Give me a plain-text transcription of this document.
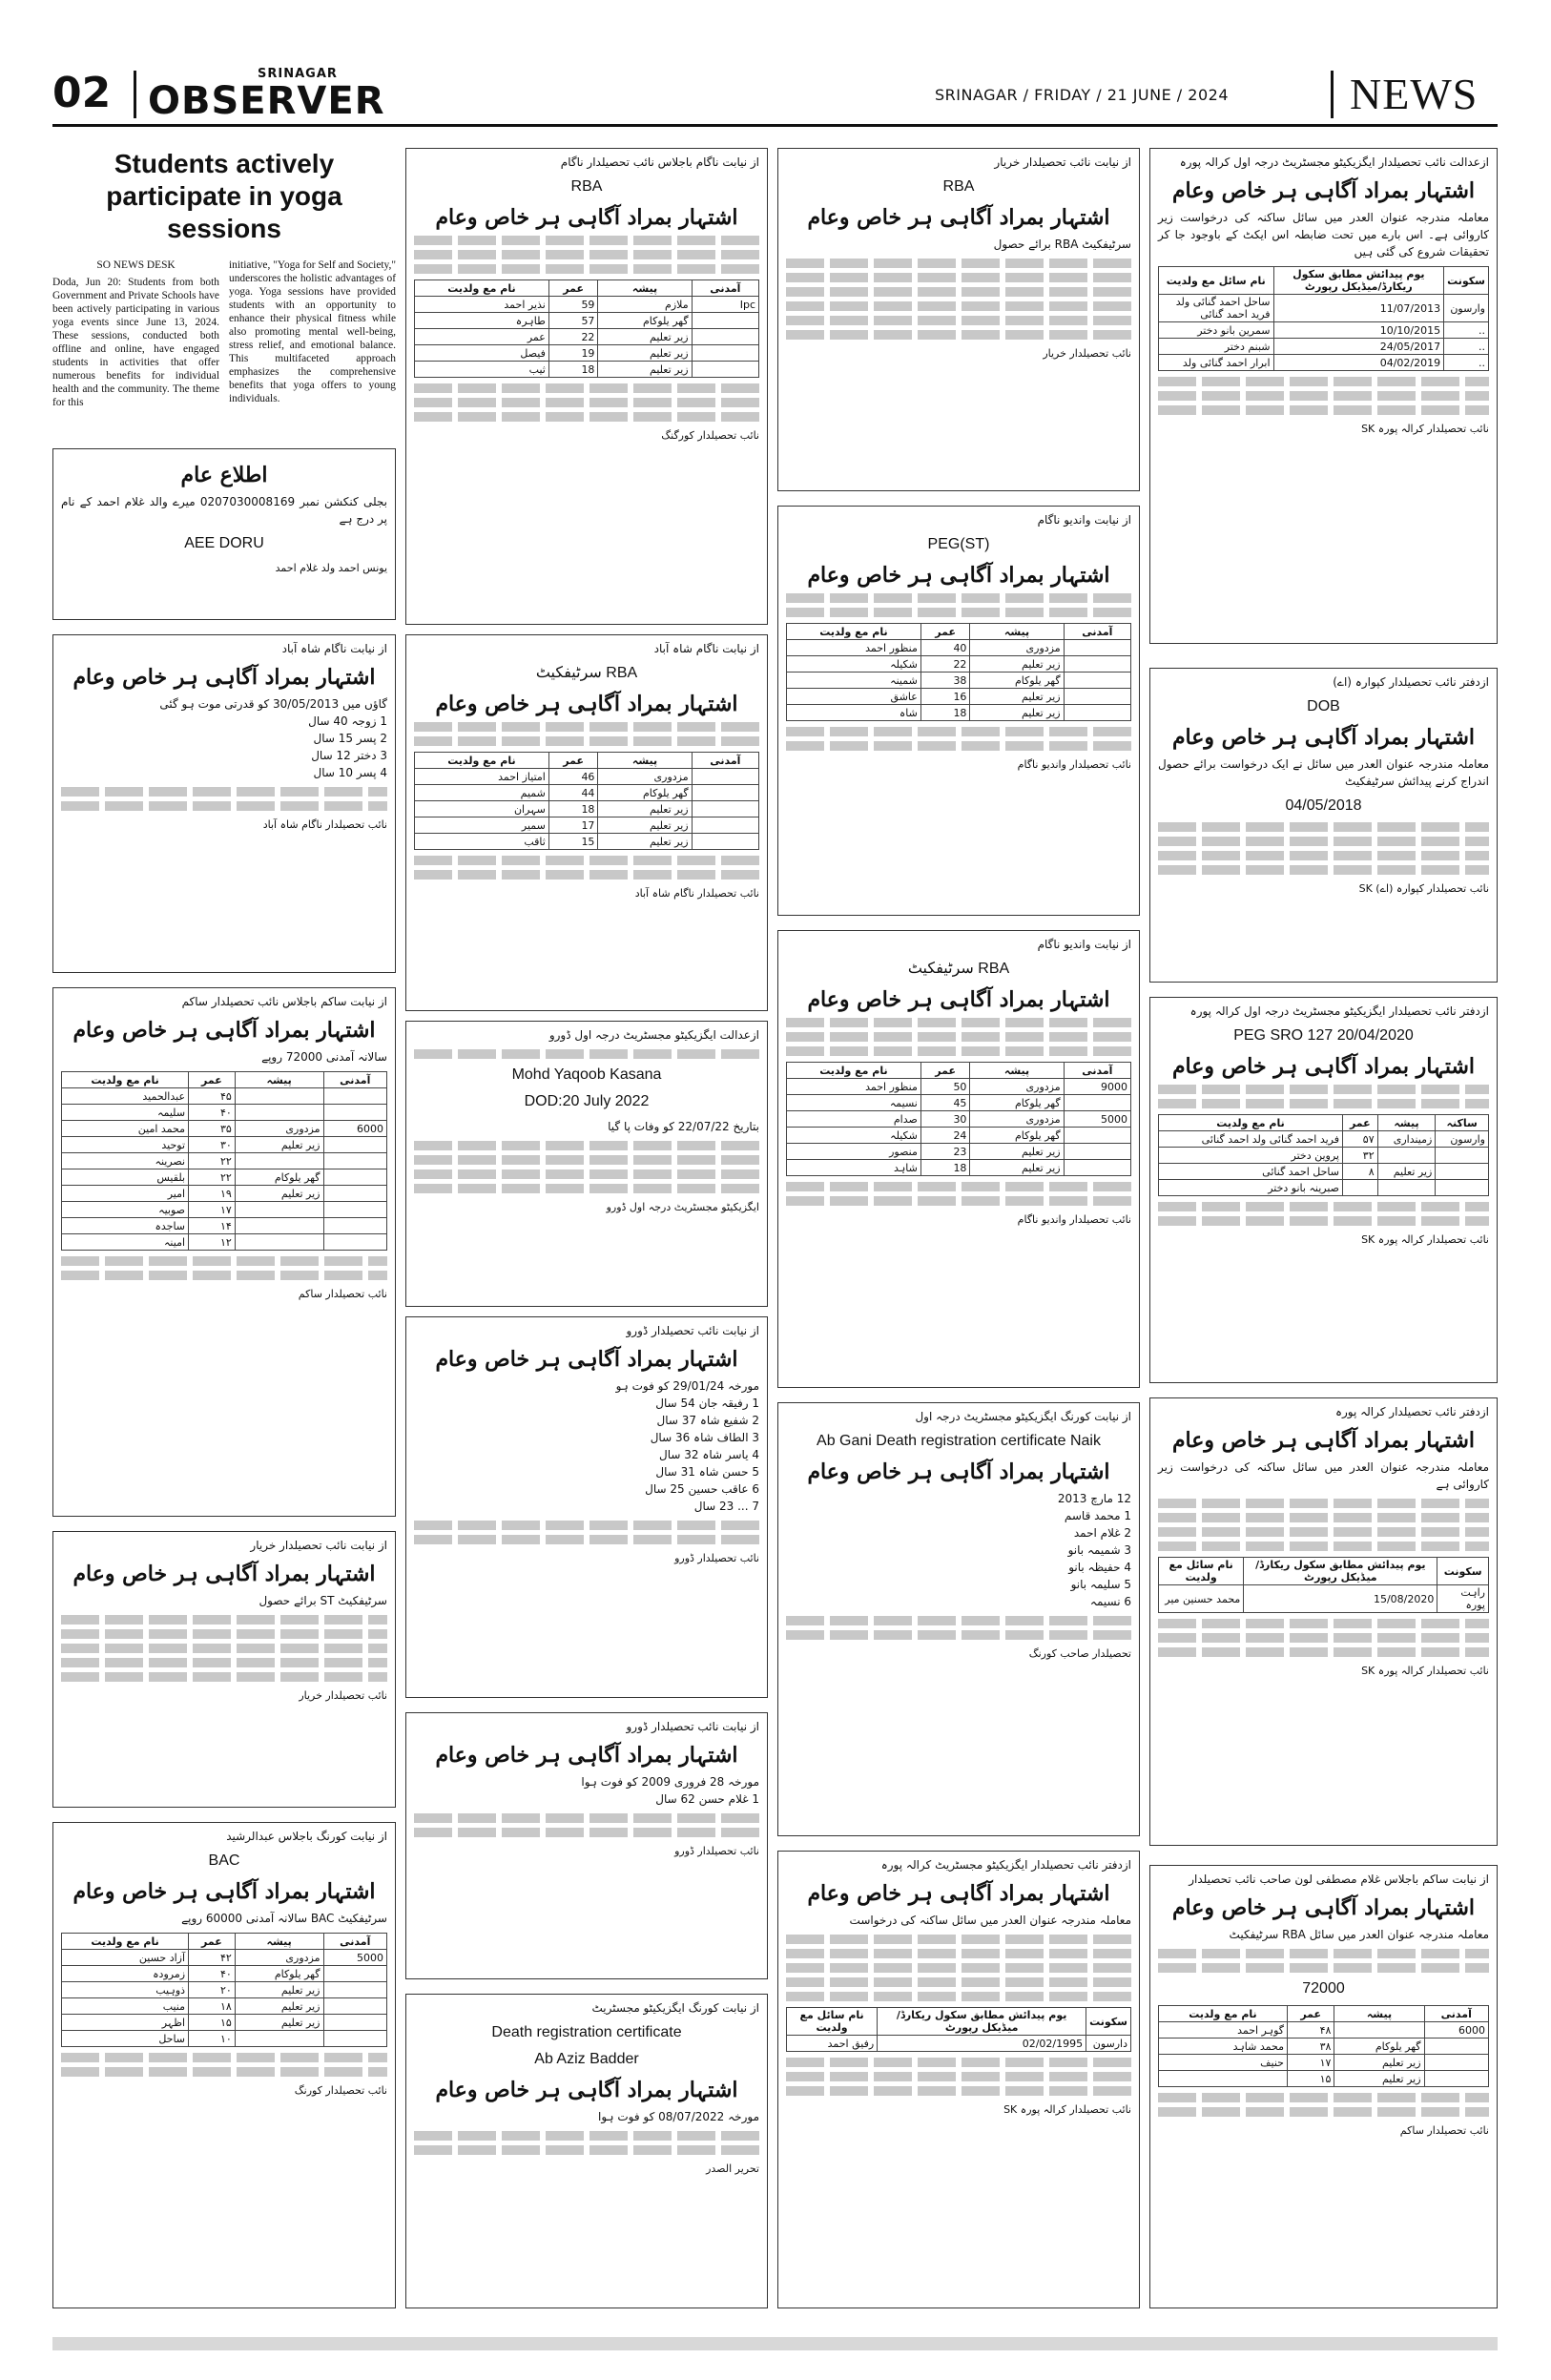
02	SRINAGAR
OBSERVER	SRINAGAR / FRIDAY / 21 JUNE / 2024	NEWS
Students actively participate in yoga sessions
SO NEWS DESK
Doda, Jun 20: Students from both Government and Private Schools have been actively participating in various yoga events since June 13, 2024. These sessions, conducted both offline and online, have engaged students in activities that offer numerous benefits for individual health and the community. The theme for this
initiative, "Yoga for Self and Society," underscores the holistic advantages of yoga. Yoga sessions have provided students with an opportunity to enhance their physical fitness while also promoting mental well-being, stress relief, and emotional balance. This multifaceted approach emphasizes the comprehensive benefits that yoga offers to young individuals.
ازعدالت نائب تحصیلدار ایگزیکیٹو مجسٹریٹ درجہ اول کرالہ پورہ
اشتہار بمراد آگاہی ہر خاص وعام
معاملہ مندرجہ عنوان العدر میں سائل ساکنہ کی درخواست زیر کاروائی ہے۔ اس بارے میں تحت ضابطہ اس ایکٹ کے باوجود جا کر تحقیقات شروع کی گئی ہیں
سکونت	یوم پیدائش مطابق سکول ریکارڈ/میڈیکل رپورٹ	نام سائل مع ولدیت
وارسون	11/07/2013	ساحل احمد گنائی ولد فرید احمد گنائی
..	10/10/2015	سمرین بانو دختر
..	24/05/2017	شبنم دختر
..	04/02/2019	ابرار احمد گنائی ولد
نائب تحصیلدار کرالہ پورہ SK
ازدفتر نائب تحصیلدار کپوارہ (اے)
DOB
اشتہار بمراد آگاہی ہر خاص وعام
معاملہ مندرجہ عنوان العدر میں سائل نے ایک درخواست برائے حصول اندراج کرنے پیدائش سرٹیفکیٹ
04/05/2018
نائب تحصیلدار کپوارہ (اے) SK
ازدفتر نائب تحصیلدار ایگزیکیٹو مجسٹریٹ درجہ اول کرالہ پورہ
PEG SRO 127 20/04/2020
اشتہار بمراد آگاہی ہر خاص وعام
ساکنہ	پیشہ	عمر	نام مع ولدیت
وارسون	زمینداری	۵۷	فرید احمد گنائی ولد احمد گنائی
		۳۲	پروین دختر
	زیر تعلیم	۸	ساحل احمد گنائی
			صبرینہ بانو دختر
نائب تحصیلدار کرالہ پورہ SK
ازدفتر نائب تحصیلدار کرالہ پورہ
اشتہار بمراد آگاہی ہر خاص وعام
معاملہ مندرجہ عنوان العدر میں سائل ساکنہ کی درخواست زیر کاروائی ہے
سکونت	یوم پیدائش مطابق سکول ریکارڈ/میڈیکل رپورٹ	نام سائل مع ولدیت
راہت پورہ	15/08/2020	محمد حسنین میر
نائب تحصیلدار کرالہ پورہ SK
از نیابت ساکم باجلاس غلام مصطفی لون صاحب نائب تحصیلدار
اشتہار بمراد آگاہی ہر خاص وعام
معاملہ مندرجہ عنوان العدر میں سائل RBA سرٹیفکیٹ
72000
آمدنی	پیشہ	عمر	نام مع ولدیت
6000		۴۸	گوہر احمد
	گھر یلوکام	۳۸	محمد شاہد
	زیر تعلیم	۱۷	حنیف
	زیر تعلیم	۱۵	
نائب تحصیلدار ساکم
از نیابت ناگام باجلاس نائب تحصیلدار ناگام
RBA
اشتہار بمراد آگاہی ہر خاص وعام
آمدنی	پیشہ	عمر	نام مع ولدیت
Ipc	ملازم	59	نذیر احمد
	گھر یلوکام	57	طاہرہ
	زیر تعلیم	22	عمر
	زیر تعلیم	19	فیصل
	زیر تعلیم	18	ثیب
نائب تحصیلدار کورگنگ
از نیابت ناگام شاہ آباد
سرٹیفکیٹ RBA
اشتہار بمراد آگاہی ہر خاص وعام
آمدنی	پیشہ	عمر	نام مع ولدیت
	مزدوری	46	امتیاز احمد
	گھر یلوکام	44	شمیم
	زیر تعلیم	18	سہران
	زیر تعلیم	17	سمیر
	زیر تعلیم	15	ثاقب
نائب تحصیلدار ناگام شاہ آباد
ازعدالت ایگزیکیٹو مجسٹریٹ درجہ اول ڈورو
Mohd Yaqoob Kasana
DOD:20 July 2022
بتاریخ 22/07/22 کو وفات پا گیا
ایگزیکیٹو مجسٹریٹ درجہ اول ڈورو
از نیابت نائب تحصیلدار ڈورو
اشتہار بمراد آگاہی ہر خاص وعام
مورخہ 29/01/24 کو فوت ہو
1 رفیقہ جان 54 سال
2 شفیع شاہ 37 سال
3 الطاف شاہ 36 سال
4 یاسر شاہ 32 سال
5 حسن شاہ 31 سال
6 عاقب حسین 25 سال
7 ... 23 سال
نائب تحصیلدار ڈورو
از نیابت نائب تحصیلدار ڈورو
اشتہار بمراد آگاہی ہر خاص وعام
مورخہ 28 فروری 2009 کو فوت ہوا
1 غلام حسن 62 سال
نائب تحصیلدار ڈورو
از نیابت کورنگ ایگزیکیٹو مجسٹریٹ
Death registration certificate
Ab Aziz Badder
اشتہار بمراد آگاہی ہر خاص وعام
مورخہ 08/07/2022 کو فوت ہوا
تحریر الصدر
از نیابت نائب تحصیلدار خریار
RBA
اشتہار بمراد آگاہی ہر خاص وعام
سرٹیفکیٹ RBA برائے حصول
نائب تحصیلدار خریار
از نیابت واندیو ناگام
PEG(ST)
اشتہار بمراد آگاہی ہر خاص وعام
آمدنی	پیشہ	عمر	نام مع ولدیت
	مزدوری	40	منظور احمد
	زیر تعلیم	22	شکیلہ
	گھر یلوکام	38	شمینہ
	زیر تعلیم	16	عاشق
	زیر تعلیم	18	شاہ
نائب تحصیلدار واندیو ناگام
از نیابت واندیو ناگام
سرٹیفکیٹ RBA
اشتہار بمراد آگاہی ہر خاص وعام
آمدنی	پیشہ	عمر	نام مع ولدیت
9000	مزدوری	50	منظور احمد
	گھر یلوکام	45	نسیمہ
5000	مزدوری	30	صدام
	گھر یلوکام	24	شکیلہ
	زیر تعلیم	23	منصور
	زیر تعلیم	18	شاہد
نائب تحصیلدار واندیو ناگام
از نیابت کورنگ ایگزیکیٹو مجسٹریٹ درجہ اول
Ab Gani Death registration certificate Naik
اشتہار بمراد آگاہی ہر خاص وعام
12 مارچ 2013
1 محمد قاسم
2 غلام احمد
3 شمیمہ بانو
4 حفیظہ بانو
5 سلیمہ بانو
6 نسیمہ
تحصیلدار صاحب کورنگ
ازدفتر نائب تحصیلدار ایگزیکیٹو مجسٹریٹ کرالہ پورہ
اشتہار بمراد آگاہی ہر خاص وعام
معاملہ مندرجہ عنوان العدر میں سائل ساکنہ کی درخواست
سکونت	یوم پیدائش مطابق سکول ریکارڈ/میڈیکل رپورٹ	نام سائل مع ولدیت
دارسون	02/02/1995	رفیق احمد
نائب تحصیلدار کرالہ پورہ SK
اطلاع عام
بجلی کنکشن نمبر 0207030008169 میرے والد غلام احمد کے نام پر درج ہے
AEE DORU
یونس احمد ولد غلام احمد
از نیابت ناگام شاہ آباد
اشتہار بمراد آگاہی ہر خاص وعام
گاؤں میں 30/05/2013 کو قدرتی موت ہو گئی
1 زوجہ 40 سال
2 پسر 15 سال
3 دختر 12 سال
4 پسر 10 سال
نائب تحصیلدار ناگام شاہ آباد
از نیابت ساکم باجلاس نائب تحصیلدار ساکم
اشتہار بمراد آگاہی ہر خاص وعام
سالانہ آمدنی 72000 روپے
آمدنی	پیشہ	عمر	نام مع ولدیت
		۴۵	عبدالحمید
		۴۰	سلیمہ
6000	مزدوری	۳۵	محمد امین
	زیر تعلیم	۳۰	توحید
		۲۲	نصرینہ
	گھر یلوکام	۲۲	بلقیس
	زیر تعلیم	۱۹	امیر
		۱۷	صوبیہ
		۱۴	ساجدہ
		۱۲	امینہ
نائب تحصیلدار ساکم
از نیابت نائب تحصیلدار خریار
اشتہار بمراد آگاہی ہر خاص وعام
سرٹیفکیٹ ST برائے حصول
نائب تحصیلدار خریار
از نیابت کورنگ باجلاس عبدالرشید
BAC
اشتہار بمراد آگاہی ہر خاص وعام
سرٹیفکیٹ BAC سالانہ آمدنی 60000 روپے
آمدنی	پیشہ	عمر	نام مع ولدیت
5000	مزدوری	۴۲	آزاد حسین
	گھر یلوکام	۴۰	زمرودہ
	زیر تعلیم	۲۰	ذوہیب
	زیر تعلیم	۱۸	منیب
	زیر تعلیم	۱۵	اظہر
		۱۰	ساحل
نائب تحصیلدار کورنگ
